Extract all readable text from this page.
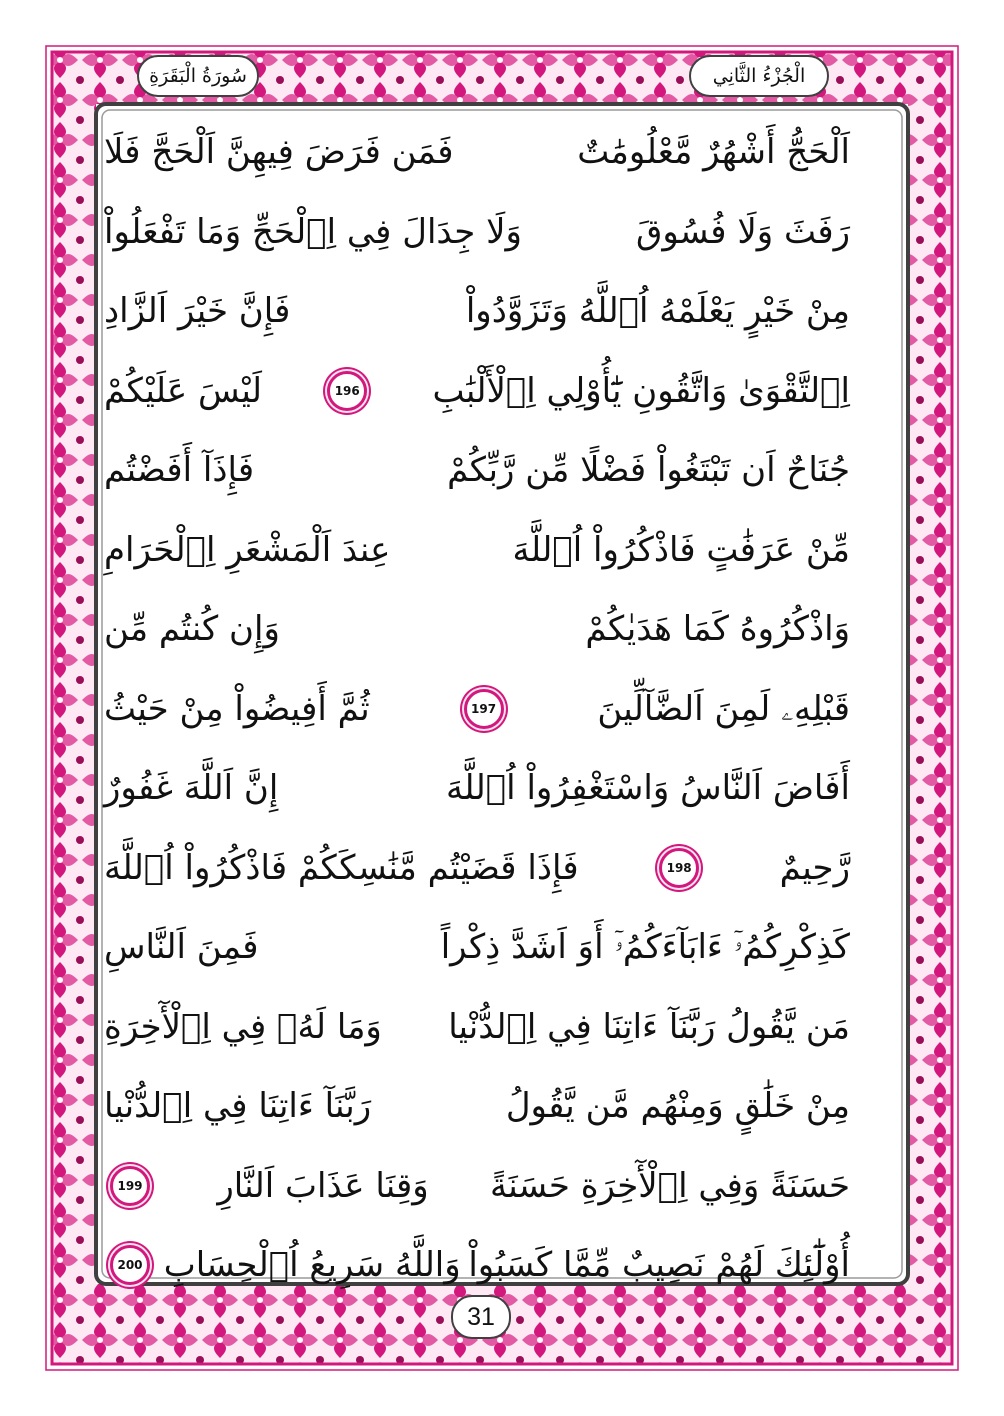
الْجُزْءُ الثَّانِي
سُورَةُ الْبَقَرَةِ
اَلْحَجُّ أَشْهُرٌ مَّعْلُومَٰتٌ
فَمَن فَرَضَ فِيهِنَّ اَلْحَجَّ فَلَا
رَفَثَ وَلَا فُسُوقَ
وَلَا جِدَالَ فِي اِ۬لْحَجِّ وَمَا تَفْعَلُواْ
مِنْ خَيْرٍ يَعْلَمْهُ اُ۬للَّهُ وَتَزَوَّدُواْ
فَإِنَّ خَيْرَ اَلزَّادِ
اِ۬لتَّقْوَىٰ وَاتَّقُونِ يَٰٓأُوْلِي اِ۬لْأَلْبَٰبِ
196
لَيْسَ عَلَيْكُمْ
جُنَاحٌ اَن تَبْتَغُواْ فَضْلًا مِّن رَّبِّكُمْ
فَإِذَآ أَفَضْتُم
مِّنْ عَرَفَٰتٍ فَاذْكُرُواْ اُ۬للَّهَ
عِندَ اَلْمَشْعَرِ اِ۬لْحَرَامِ
وَاذْكُرُوهُ كَمَا هَدَيٰكُمْ
وَإِن كُنتُم مِّن
قَبْلِهِۦ لَمِنَ اَلضَّآلِّينَ
197
ثُمَّ أَفِيضُواْ مِنْ حَيْثُ
أَفَاضَ اَلنَّاسُ وَاسْتَغْفِرُواْ اُ۬للَّهَ
إِنَّ اَللَّهَ غَفُورٌ
رَّحِيمٌ
198
فَإِذَا قَضَيْتُم مَّنَٰسِكَكُمْ فَاذْكُرُواْ اُ۬للَّهَ
كَذِكْرِكُمُۥٓ ءَابَآءَكُمُۥٓ أَوَ اَشَدَّ ذِكْراً
فَمِنَ اَلنَّاسِ
مَن يَّقُولُ رَبَّنَآ ءَاتِنَا فِي اِ۬لدُّنْيا
وَمَا لَهُۥ فِي اِ۬لْأٓخِرَةِ
مِنْ خَلَٰقٍ وَمِنْهُم مَّن يَّقُولُ
رَبَّنَآ ءَاتِنَا فِي اِ۬لدُّنْيا
حَسَنَةً وَفِي اِ۬لْأٓخِرَةِ حَسَنَةً
وَقِنَا عَذَابَ اَلنَّارِ
199
أُوْلَٰٓئِكَ لَهُمْ نَصِيبٌ مِّمَّا كَسَبُواْ
وَاللَّهُ سَرِيعُ اُ۬لْحِسَابِ
200
31
